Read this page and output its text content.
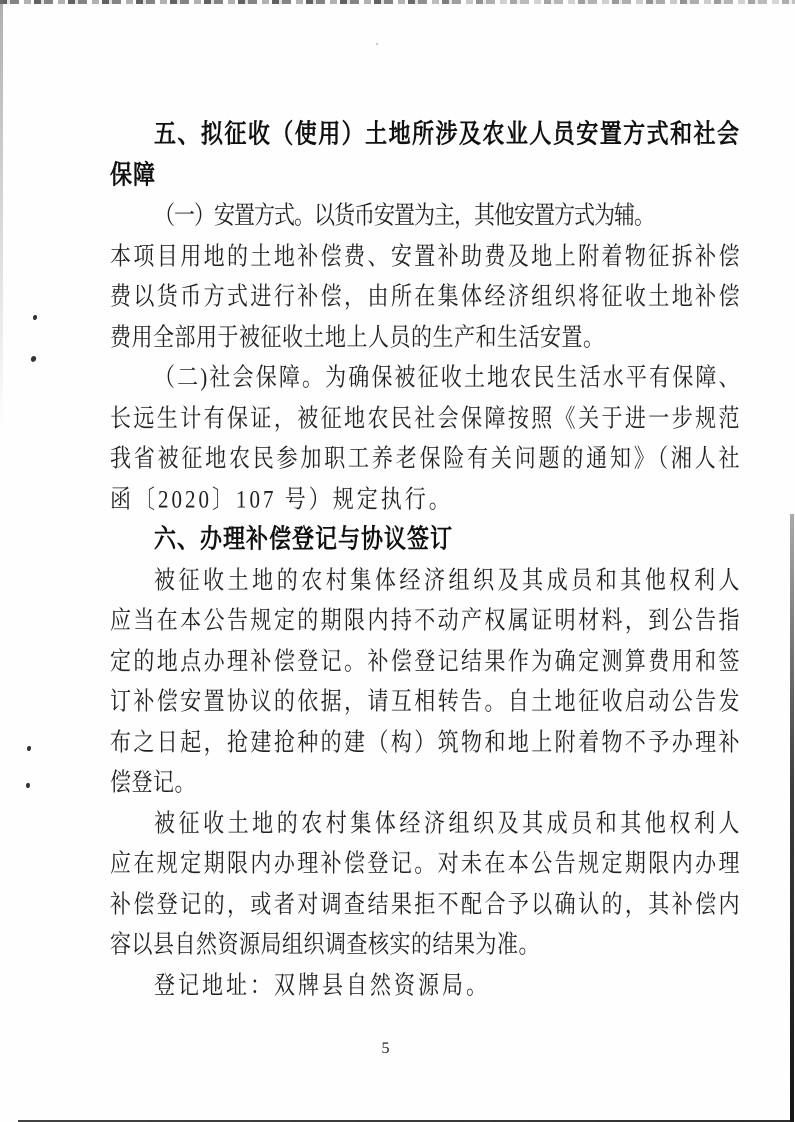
五、拟征收（使用）土地所涉及农业人员安置方式和社会
保障
（一）安置方式。以货币安置为主，其他安置方式为辅。
本项目用地的土地补偿费、安置补助费及地上附着物征拆补偿
费以货币方式进行补偿，由所在集体经济组织将征收土地补偿
费用全部用于被征收土地上人员的生产和生活安置。
（二)社会保障。为确保被征收土地农民生活水平有保障、
长远生计有保证，被征地农民社会保障按照《关于进一步规范
我省被征地农民参加职工养老保险有关问题的通知》（湘人社
函〔2020〕107 号）规定执行。
六、办理补偿登记与协议签订
被征收土地的农村集体经济组织及其成员和其他权利人
应当在本公告规定的期限内持不动产权属证明材料，到公告指
定的地点办理补偿登记。补偿登记结果作为确定测算费用和签
订补偿安置协议的依据，请互相转告。自土地征收启动公告发
布之日起，抢建抢种的建（构）筑物和地上附着物不予办理补
偿登记。
被征收土地的农村集体经济组织及其成员和其他权利人
应在规定期限内办理补偿登记。对未在本公告规定期限内办理
补偿登记的，或者对调查结果拒不配合予以确认的，其补偿内
容以县自然资源局组织调查核实的结果为准。
登记地址：双牌县自然资源局。
5
